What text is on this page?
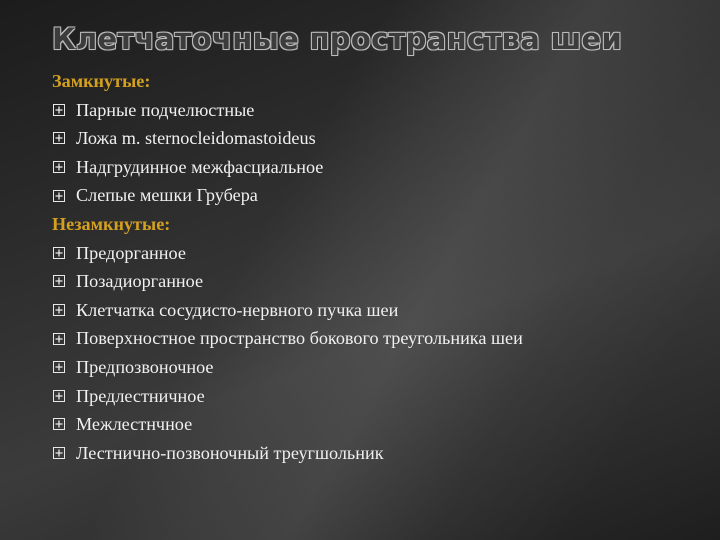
Клетчаточные пространства шеи
Замкнутые:
Парные подчелюстные
Ложа m. sternocleidomastoideus
Надгрудинное межфасциальное
Слепые мешки Грубера
Незамкнутые:
Предорганное
Позадиорганное
Клетчатка сосудисто-нервного пучка шеи
Поверхностное пространство бокового треугольника шеи
Предпозвоночное
Предлестничное
Межлестнчное
Лестнично-позвоночный треугшольник
